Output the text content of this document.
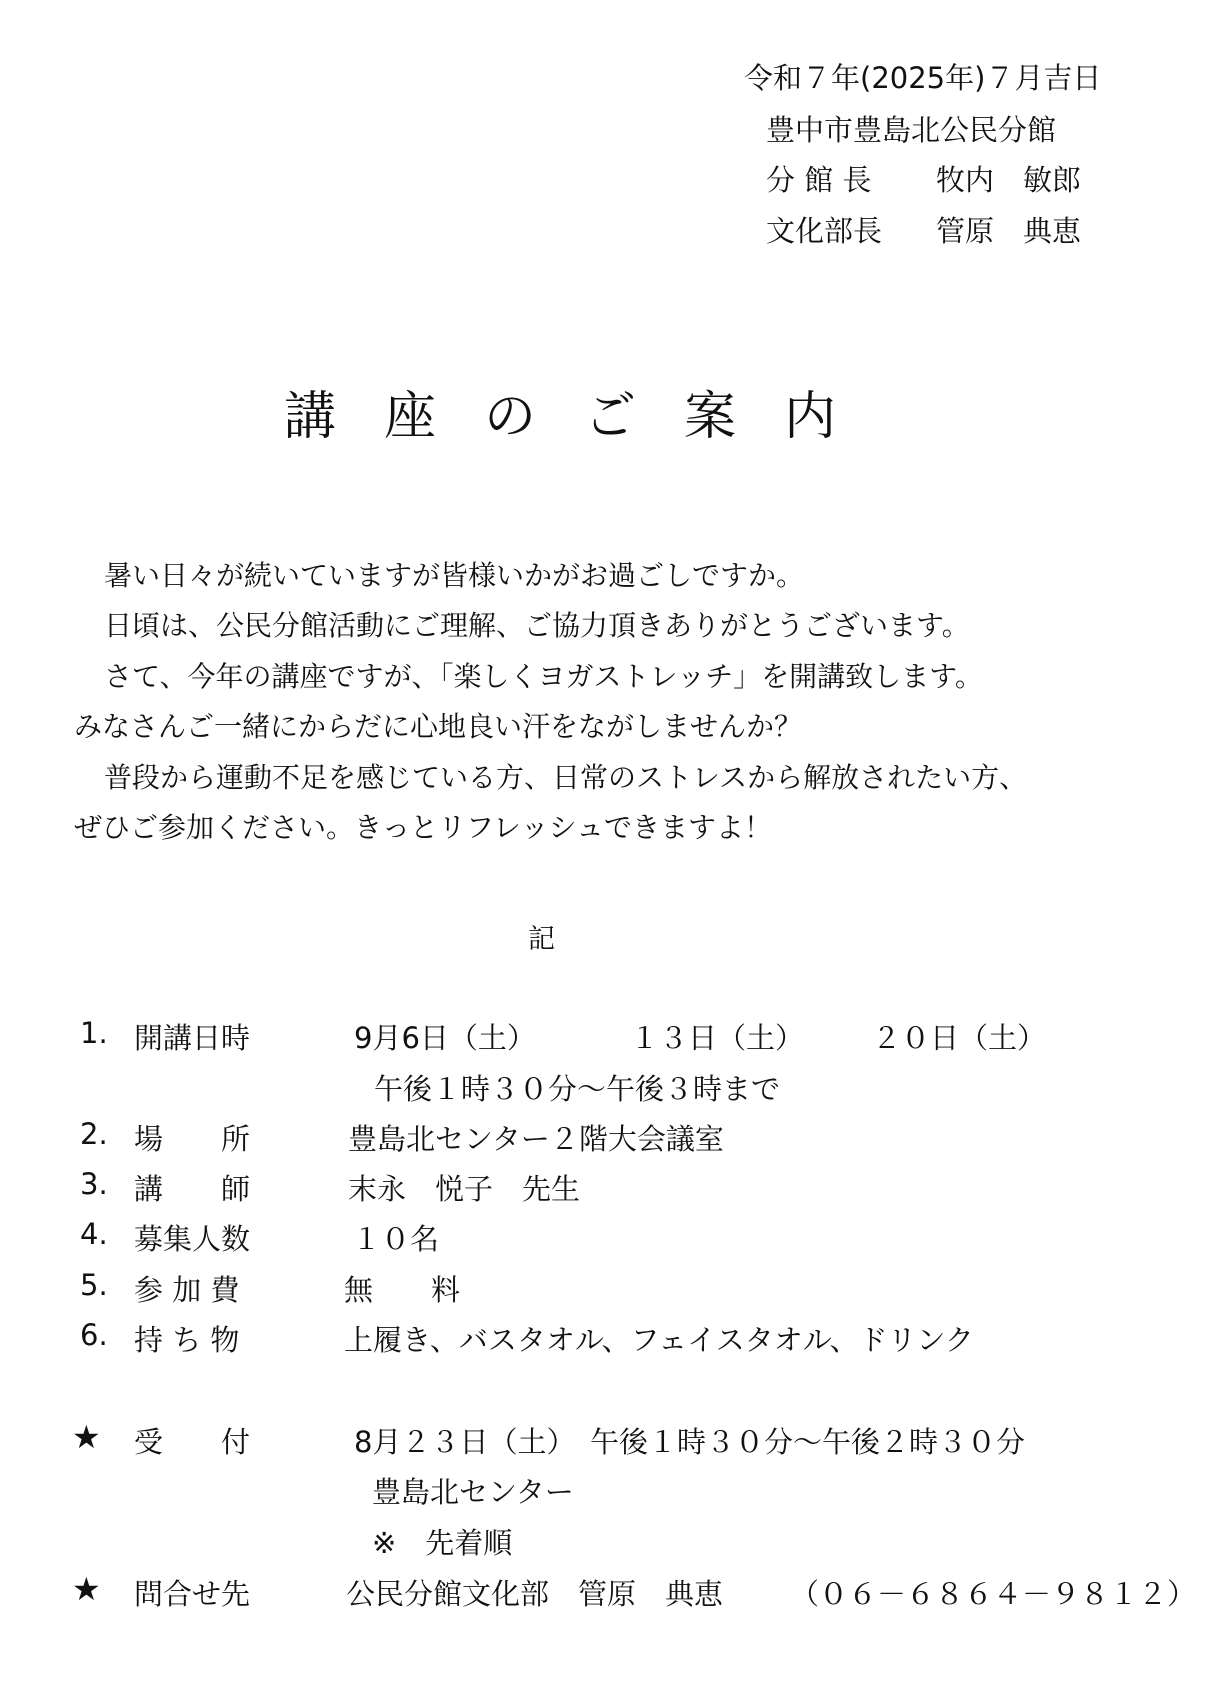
令和７年(2025年)７月吉日
豊中市豊島北公民分館
分 館 長 牧内　敏郎
文化部長 管原　典恵
講座のご案内
暑い日々が続いていますが皆様いかがお過ごしですか。
日頃は、公民分館活動にご理解、ご協力頂きありがとうございます。
さて、今年の講座ですが、「楽しくヨガストレッチ」を開講致します。
みなさんご一緒にからだに心地良い汗をながしませんか？
普段から運動不足を感じている方、日常のストレスから解放されたい方、
ぜひご参加ください。きっとリフレッシュできますよ！
記
1. 開講日時	9月6日（土）	１３日（土） ２０日（土）
午後１時３０分～午後３時まで
2. 場　　所	豊島北センター２階大会議室
3. 講　　師	末永　悦子　先生
4. 募集人数	１０名
5. 参 加 費	無　　料
6. 持 ち 物	上履き、バスタオル、フェイスタオル、ドリンク
★ 受　　付	8月２３日（土）　午後１時３０分～午後２時３０分
豊島北センター
※　先着順
★ 問合せ先	公民分館文化部　管原　典恵 （０６－６８６４－９８１２）
